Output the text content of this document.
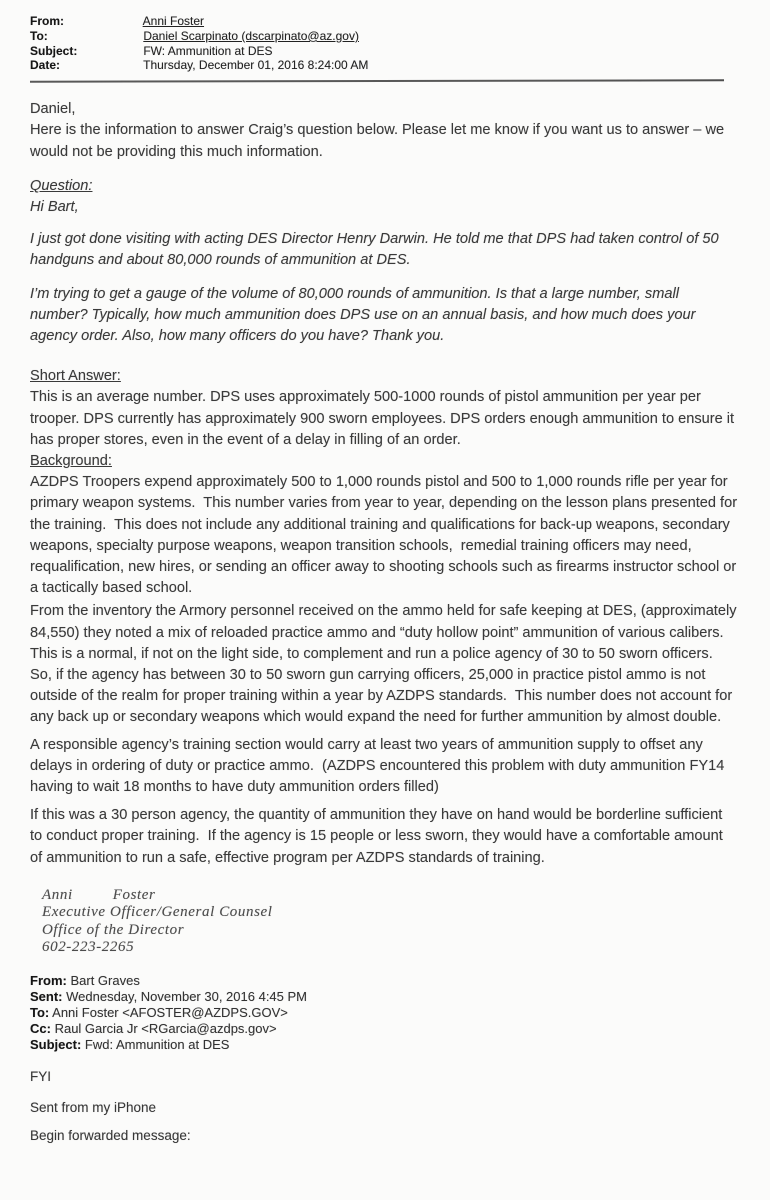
From:	Anni Foster
To:	Daniel Scarpinato (dscarpinato@az.gov)
Subject:	FW: Ammunition at DES
Date:	Thursday, December 01, 2016 8:24:00 AM
Daniel,
Here is the information to answer Craig’s question below. Please let me know if you want us to answer – we would not be providing this much information.
Question:
Hi Bart,
I just got done visiting with acting DES Director Henry Darwin. He told me that DPS had taken control of 50 handguns and about 80,000 rounds of ammunition at DES.
I’m trying to get a gauge of the volume of 80,000 rounds of ammunition. Is that a large number, small number? Typically, how much ammunition does DPS use on an annual basis, and how much does your agency order. Also, how many officers do you have? Thank you.
Short Answer:
This is an average number. DPS uses approximately 500-1000 rounds of pistol ammunition per year per trooper. DPS currently has approximately 900 sworn employees. DPS orders enough ammunition to ensure it has proper stores, even in the event of a delay in filling of an order.
Background:
AZDPS Troopers expend approximately 500 to 1,000 rounds pistol and 500 to 1,000 rounds rifle per year for primary weapon systems.  This number varies from year to year, depending on the lesson plans presented for the training.  This does not include any additional training and qualifications for back-up weapons, secondary weapons, specialty purpose weapons, weapon transition schools,  remedial training officers may need, requalification, new hires, or sending an officer away to shooting schools such as firearms instructor school or a tactically based school.
From the inventory the Armory personnel received on the ammo held for safe keeping at DES, (approximately 84,550) they noted a mix of reloaded practice ammo and “duty hollow point” ammunition of various calibers.  This is a normal, if not on the light side, to complement and run a police agency of 30 to 50 sworn officers.  So, if the agency has between 30 to 50 sworn gun carrying officers, 25,000 in practice pistol ammo is not outside of the realm for proper training within a year by AZDPS standards.  This number does not account for any back up or secondary weapons which would expand the need for further ammunition by almost double.
A responsible agency’s training section would carry at least two years of ammunition supply to offset any delays in ordering of duty or practice ammo.  (AZDPS encountered this problem with duty ammunition FY14 having to wait 18 months to have duty ammunition orders filled)
If this was a 30 person agency, the quantity of ammunition they have on hand would be borderline sufficient to conduct proper training.  If the agency is 15 people or less sworn, they would have a comfortable amount of ammunition to run a safe, effective program per AZDPS standards of training.
Anni	Foster
Executive Officer/General Counsel
Office of the Director
602-223-2265
From: Bart Graves
Sent: Wednesday, November 30, 2016 4:45 PM
To: Anni Foster <AFOSTER@AZDPS.GOV>
Cc: Raul Garcia Jr <RGarcia@azdps.gov>
Subject: Fwd: Ammunition at DES
FYI
Sent from my iPhone
Begin forwarded message:
